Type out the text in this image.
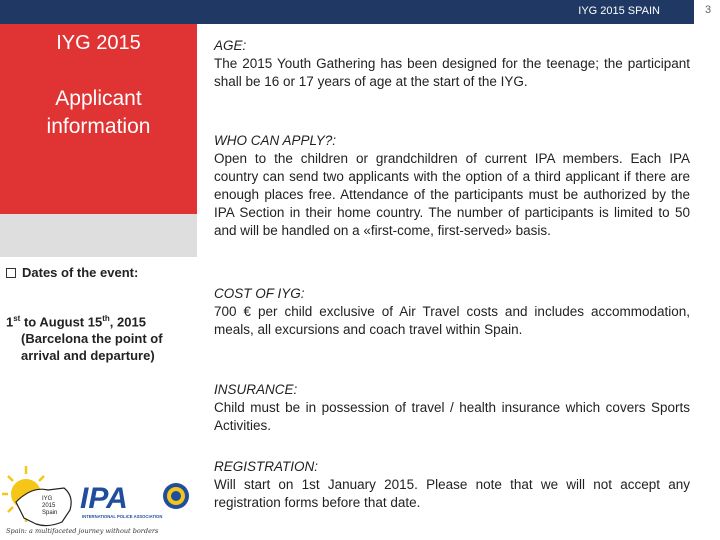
IYG 2015 SPAIN	3
IYG 2015
Applicant
information
Dates of the event:
1st to August 15th, 2015
(Barcelona the point of
arrival and departure)
IYG
2015
Spain IPA
INTERNATIONAL POLICE ASSOCIATION
Spain: a multifaceted journey without borders
AGE:
The 2015 Youth Gathering has been designed for the teenage; the participant shall be 16 or 17 years of age at the start of the IYG.
WHO CAN APPLY?:
Open to the children or grandchildren of current IPA members. Each IPA country can send two applicants with the option of a third applicant if there are enough places free. Attendance of the participants must be authorized by the IPA Section in their home country. The number of participants is limited to 50 and will be handled on a «first-come, first-served» basis.
COST OF IYG:
700 € per child exclusive of Air Travel costs and includes accommodation, meals, all excursions and coach travel within Spain.
INSURANCE:
Child must be in possession of travel / health insurance which covers Sports Activities.
REGISTRATION:
Will start on 1st January 2015. Please note that we will not accept any registration forms before that date.
